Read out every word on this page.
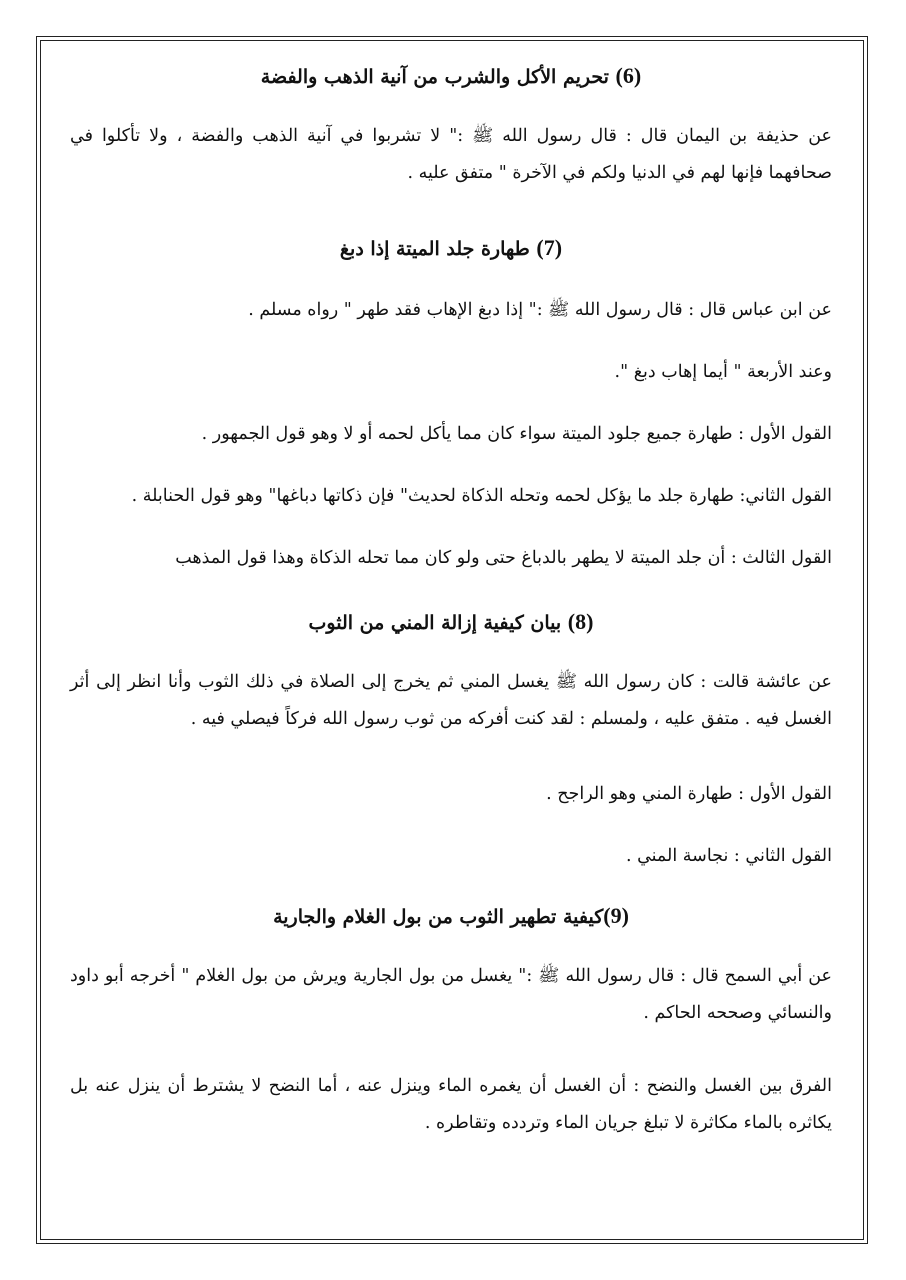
(6) تحريم الأكل والشرب من آنية الذهب والفضة

عن حذيفة بن اليمان قال : قال رسول الله ﷺ :" لا تشربوا في آنية الذهب والفضة ، ولا تأكلوا في صحافهما فإنها لهم في الدنيا ولكم في الآخرة " متفق عليه .

(7) طهارة جلد الميتة إذا دبغ

عن ابن عباس قال : قال رسول الله ﷺ :" إذا دبغ الإهاب فقد طهر " رواه مسلم .

وعند الأربعة " أيما إهاب دبغ ".

القول الأول : طهارة جميع جلود الميتة سواء كان مما يأكل لحمه أو لا وهو قول الجمهور .

القول الثاني: طهارة جلد ما يؤكل لحمه وتحله الذكاة لحديث" فإن ذكاتها دباغها" وهو قول الحنابلة .

القول الثالث : أن جلد الميتة لا يطهر بالدباغ حتى ولو كان مما تحله الذكاة وهذا قول المذهب

(8) بيان كيفية إزالة المني من الثوب

عن عائشة قالت : كان رسول الله ﷺ يغسل المني ثم يخرج إلى الصلاة في ذلك الثوب وأنا انظر إلى أثر الغسل فيه . متفق عليه ، ولمسلم : لقد كنت أفركه من ثوب رسول الله فركاً فيصلي فيه .

القول الأول : طهارة المني وهو الراجح .

القول الثاني : نجاسة المني .

(9)كيفية تطهير الثوب من بول الغلام والجارية

عن أبي السمح قال : قال رسول الله ﷺ :" يغسل من بول الجارية ويرش من بول الغلام " أخرجه أبو داود والنسائي وصححه الحاكم .

الفرق بين الغسل والنضح : أن الغسل أن يغمره الماء وينزل عنه ، أما النضح لا يشترط أن ينزل عنه بل يكاثره بالماء مكاثرة لا تبلغ جريان الماء وتردده وتقاطره .
